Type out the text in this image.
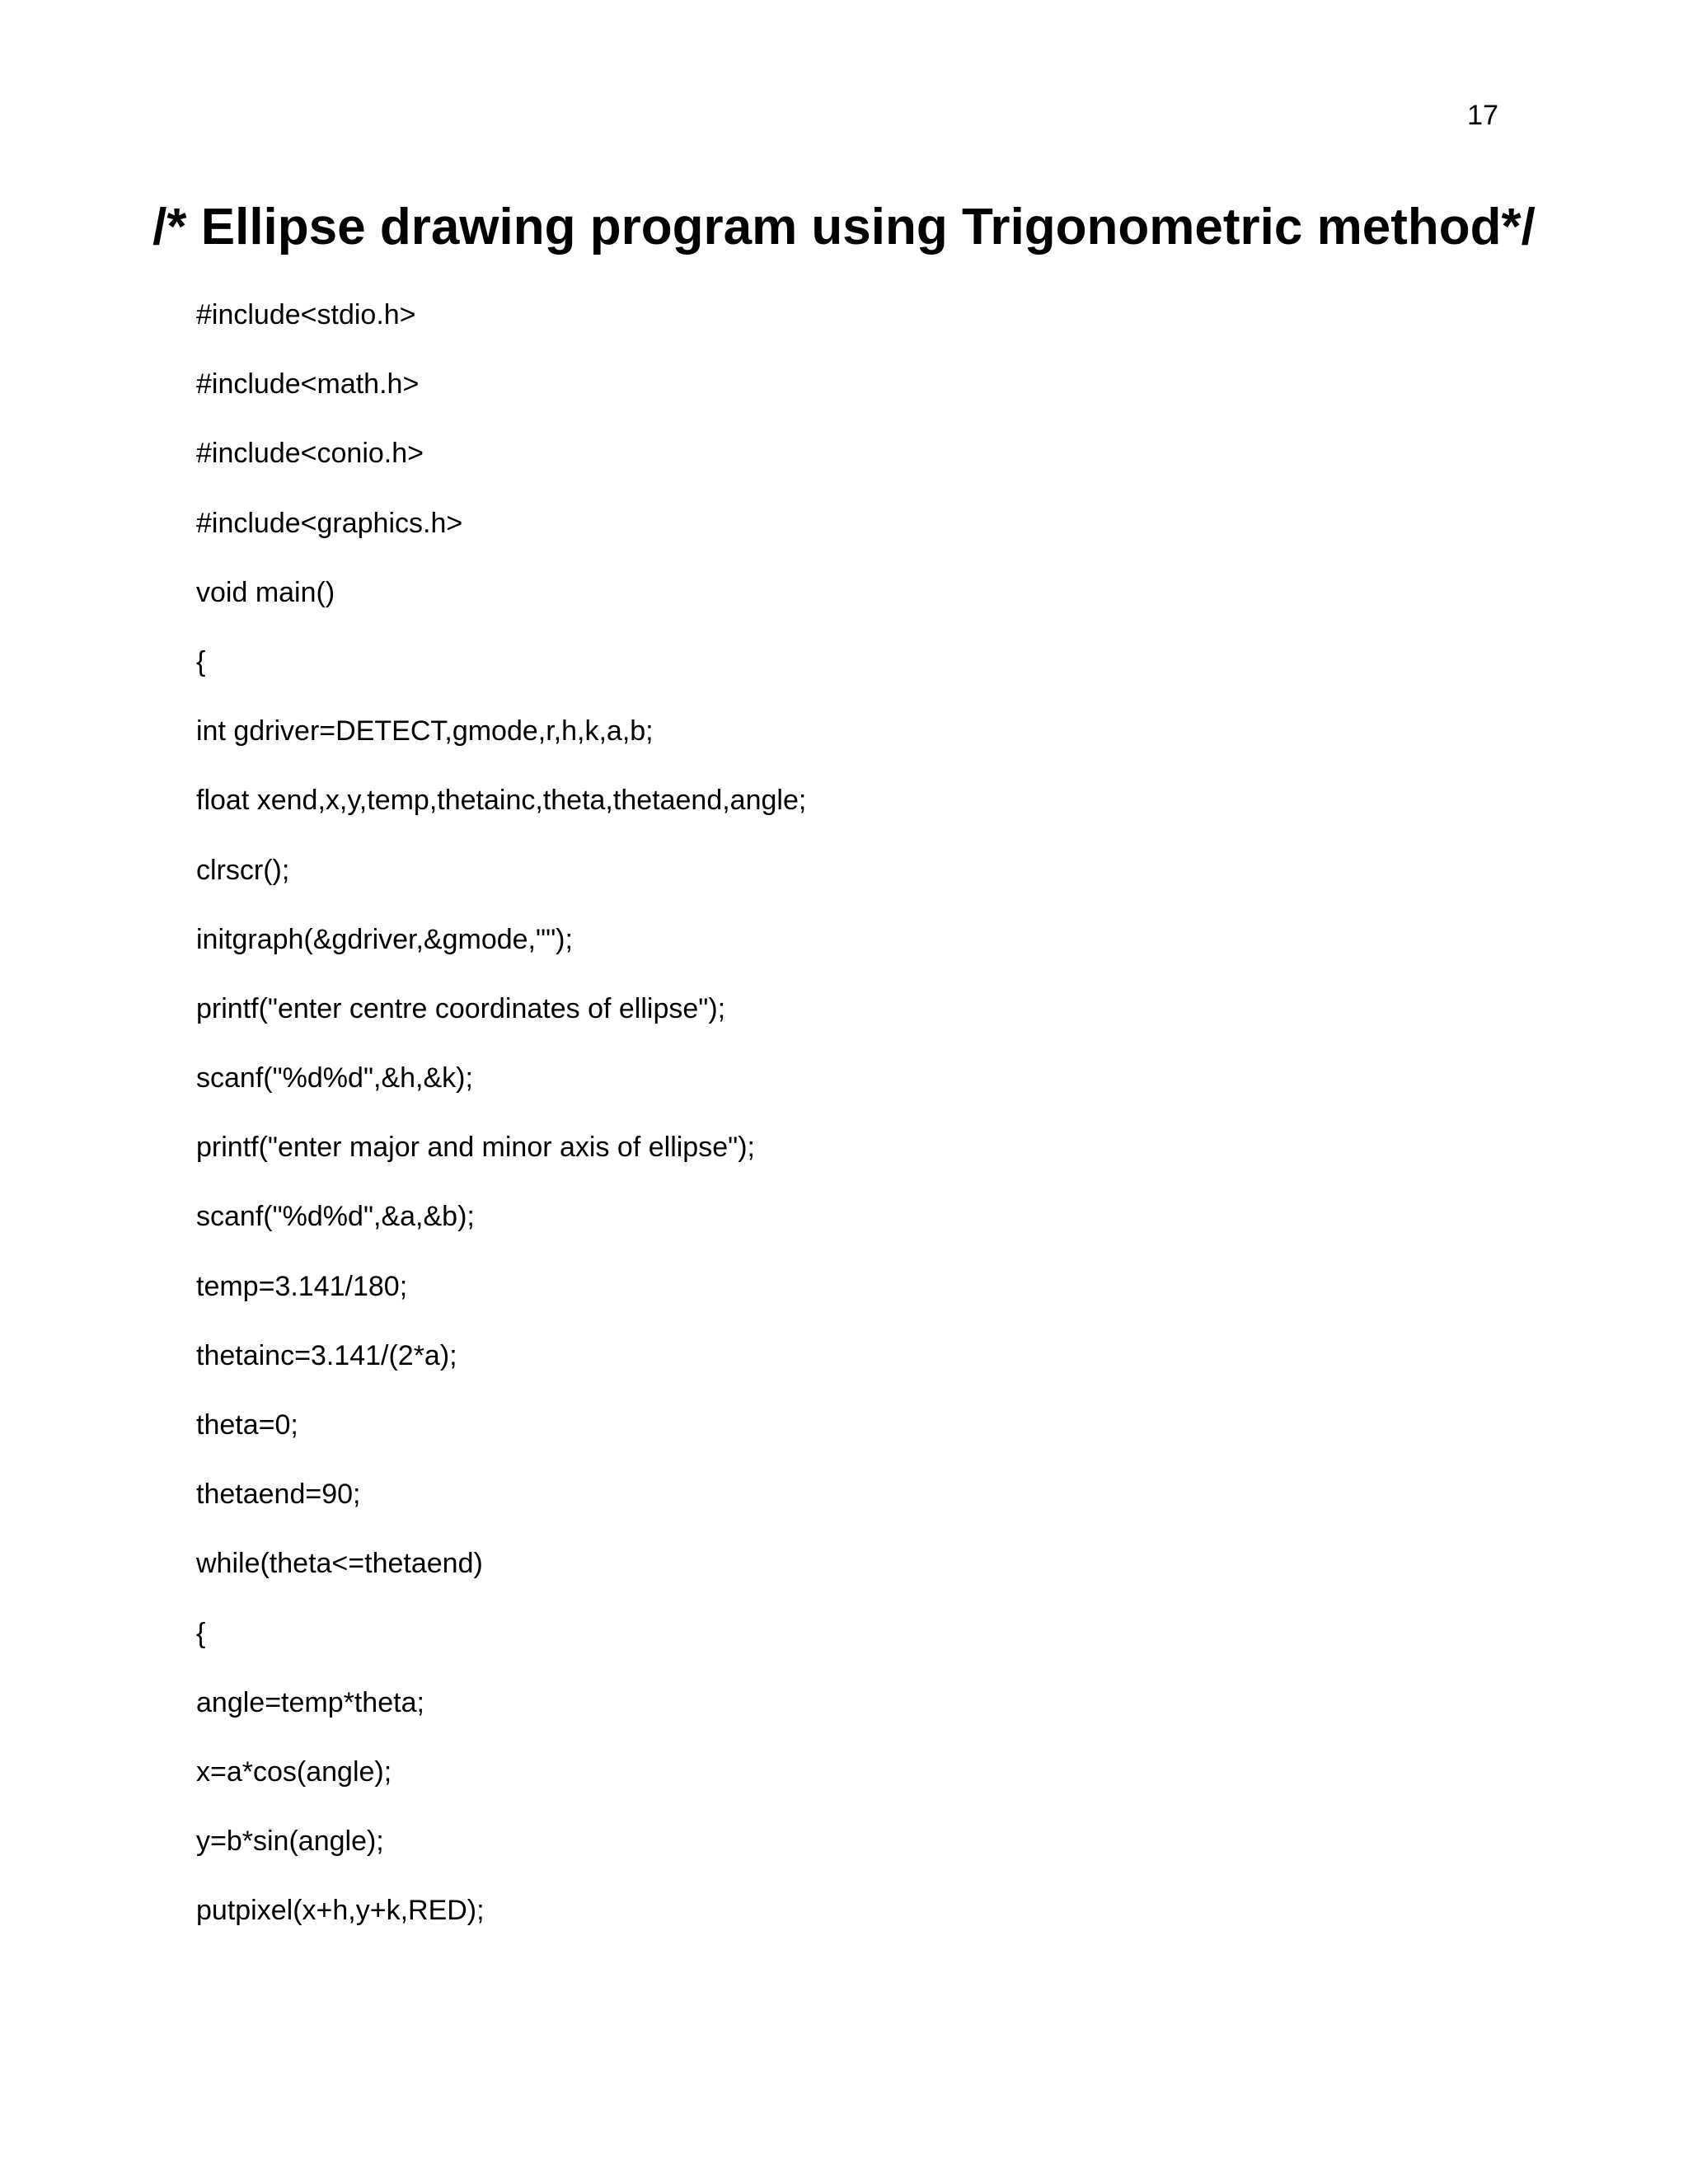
17
/* Ellipse drawing program using Trigonometric method*/
#include<stdio.h>
#include<math.h>
#include<conio.h>
#include<graphics.h>
void main()
{
int gdriver=DETECT,gmode,r,h,k,a,b;
float xend,x,y,temp,thetainc,theta,thetaend,angle;
clrscr();
initgraph(&gdriver,&gmode,"");
printf("enter centre coordinates of ellipse");
scanf("%d%d",&h,&k);
printf("enter major and minor axis of ellipse");
scanf("%d%d",&a,&b);
temp=3.141/180;
thetainc=3.141/(2*a);
theta=0;
thetaend=90;
while(theta<=thetaend)
{
angle=temp*theta;
x=a*cos(angle);
y=b*sin(angle);
putpixel(x+h,y+k,RED);
